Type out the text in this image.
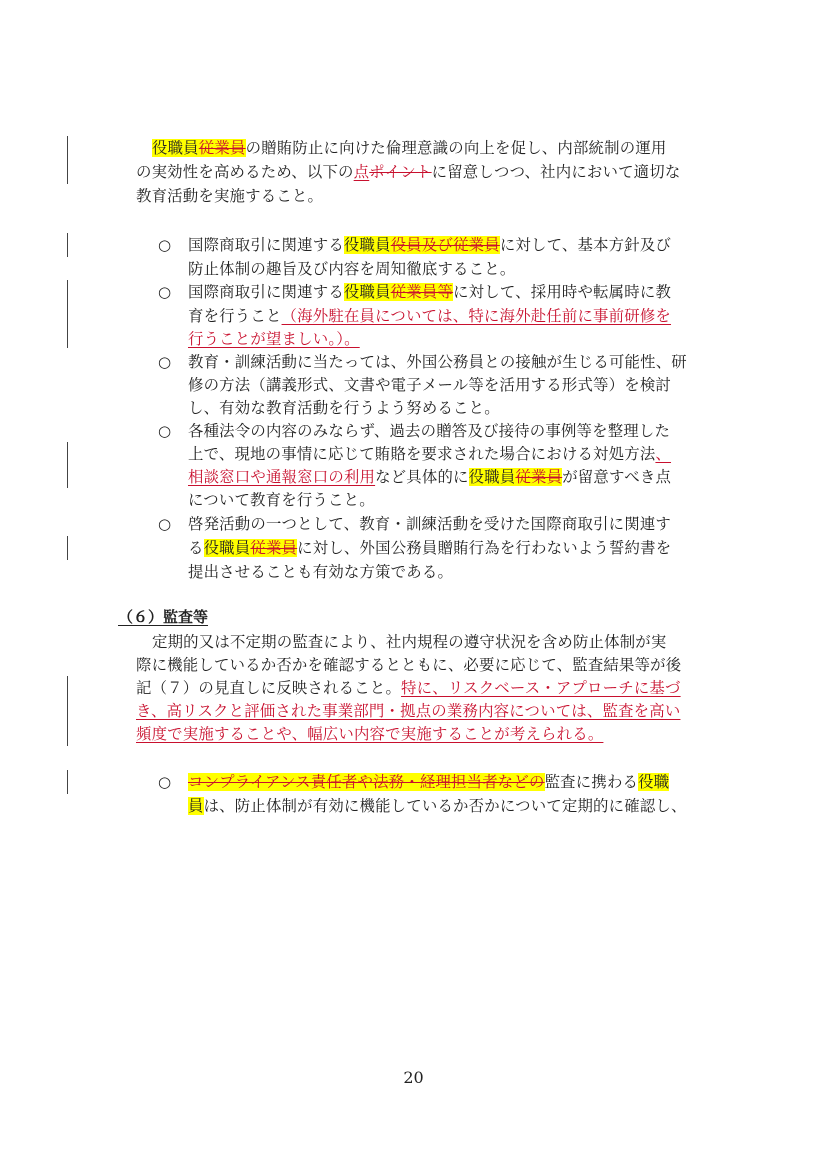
役職員従業員の贈賄防止に向けた倫理意識の向上を促し、内部統制の運用
の実効性を高めるため、以下の点ポイントに留意しつつ、社内において適切な
教育活動を実施すること。
○ 国際商取引に関連する役職員役員及び従業員に対して、基本方針及び
防止体制の趣旨及び内容を周知徹底すること。
○ 国際商取引に関連する役職員従業員等に対して、採用時や転属時に教
育を行うこと（海外駐在員については、特に海外赴任前に事前研修を
行うことが望ましい。）。
○ 教育・訓練活動に当たっては、外国公務員との接触が生じる可能性、研
修の方法（講義形式、文書や電子メール等を活用する形式等）を検討
し、有効な教育活動を行うよう努めること。
○ 各種法令の内容のみならず、過去の贈答及び接待の事例等を整理した
上で、現地の事情に応じて賄賂を要求された場合における対処方法、
相談窓口や通報窓口の利用など具体的に役職員従業員が留意すべき点
について教育を行うこと。
○ 啓発活動の一つとして、教育・訓練活動を受けた国際商取引に関連す
る役職員従業員に対し、外国公務員贈賄行為を行わないよう誓約書を
提出させることも有効な方策である。
（６）監査等
定期的又は不定期の監査により、社内規程の遵守状況を含め防止体制が実
際に機能しているか否かを確認するとともに、必要に応じて、監査結果等が後
記（７）の見直しに反映されること。特に、リスクベース・アプローチに基づ
き、高リスクと評価された事業部門・拠点の業務内容については、監査を高い
頻度で実施することや、幅広い内容で実施することが考えられる。
○ コンプライアンス責任者や法務・経理担当者などの監査に携わる役職
員は、防止体制が有効に機能しているか否かについて定期的に確認し、
20
